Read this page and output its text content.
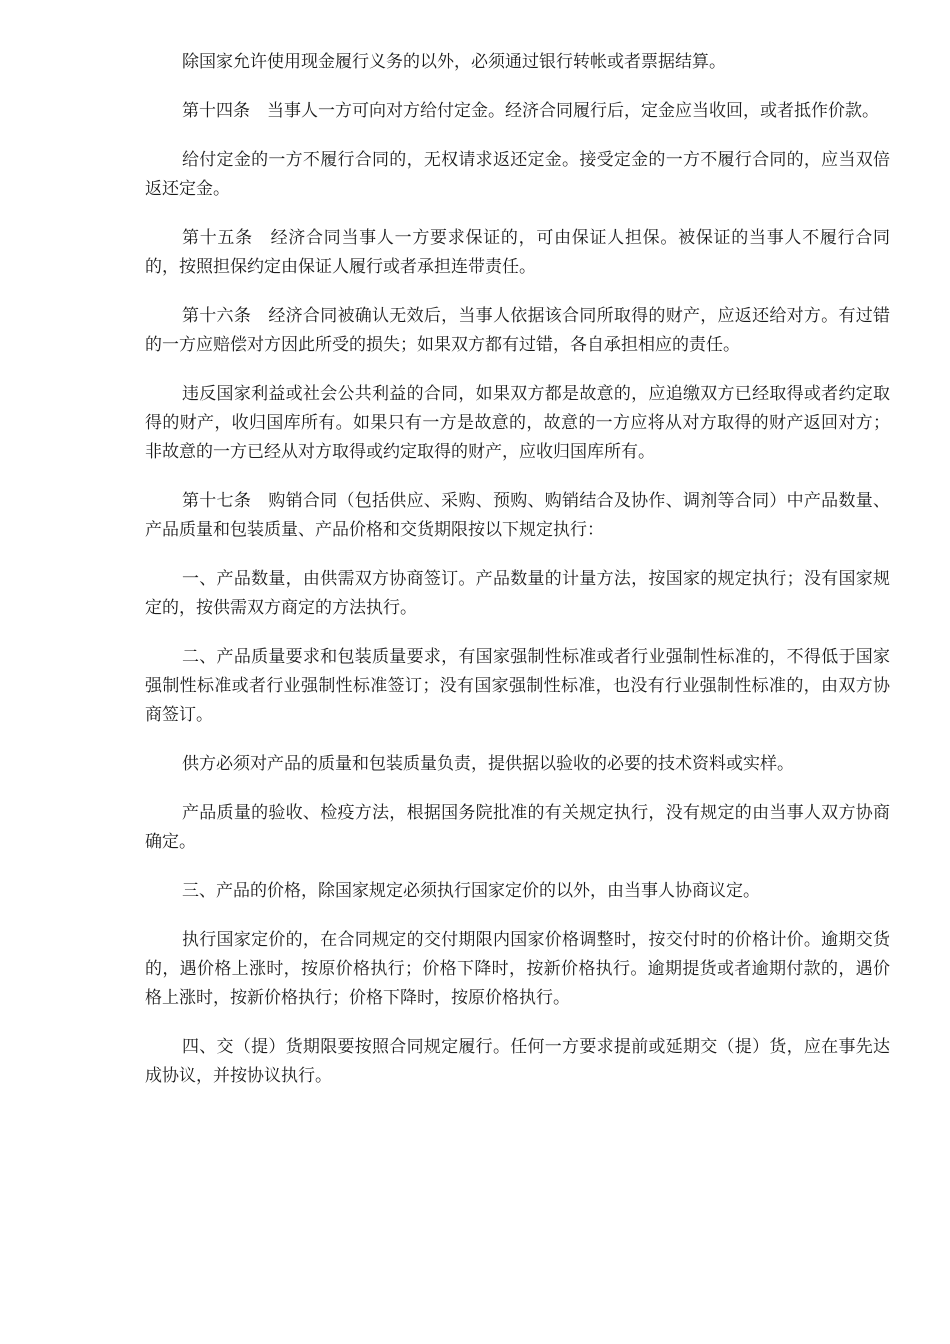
除国家允许使用现金履行义务的以外，必须通过银行转帐或者票据结算。

第十四条　当事人一方可向对方给付定金。经济合同履行后，定金应当收回，或者抵作价款。

给付定金的一方不履行合同的，无权请求返还定金。接受定金的一方不履行合同的，应当双倍返还定金。

第十五条　经济合同当事人一方要求保证的，可由保证人担保。被保证的当事人不履行合同的，按照担保约定由保证人履行或者承担连带责任。

第十六条　经济合同被确认无效后，当事人依据该合同所取得的财产，应返还给对方。有过错的一方应赔偿对方因此所受的损失；如果双方都有过错，各自承担相应的责任。

违反国家利益或社会公共利益的合同，如果双方都是故意的，应追缴双方已经取得或者约定取得的财产，收归国库所有。如果只有一方是故意的，故意的一方应将从对方取得的财产返回对方；非故意的一方已经从对方取得或约定取得的财产，应收归国库所有。

第十七条　购销合同（包括供应、采购、预购、购销结合及协作、调剂等合同）中产品数量、产品质量和包装质量、产品价格和交货期限按以下规定执行：

一、产品数量，由供需双方协商签订。产品数量的计量方法，按国家的规定执行；没有国家规定的，按供需双方商定的方法执行。

二、产品质量要求和包装质量要求，有国家强制性标准或者行业强制性标准的，不得低于国家强制性标准或者行业强制性标准签订；没有国家强制性标准，也没有行业强制性标准的，由双方协商签订。

供方必须对产品的质量和包装质量负责，提供据以验收的必要的技术资料或实样。

产品质量的验收、检疫方法，根据国务院批准的有关规定执行，没有规定的由当事人双方协商确定。

三、产品的价格，除国家规定必须执行国家定价的以外，由当事人协商议定。

执行国家定价的，在合同规定的交付期限内国家价格调整时，按交付时的价格计价。逾期交货的，遇价格上涨时，按原价格执行；价格下降时，按新价格执行。逾期提货或者逾期付款的，遇价格上涨时，按新价格执行；价格下降时，按原价格执行。

四、交（提）货期限要按照合同规定履行。任何一方要求提前或延期交（提）货，应在事先达成协议，并按协议执行。
